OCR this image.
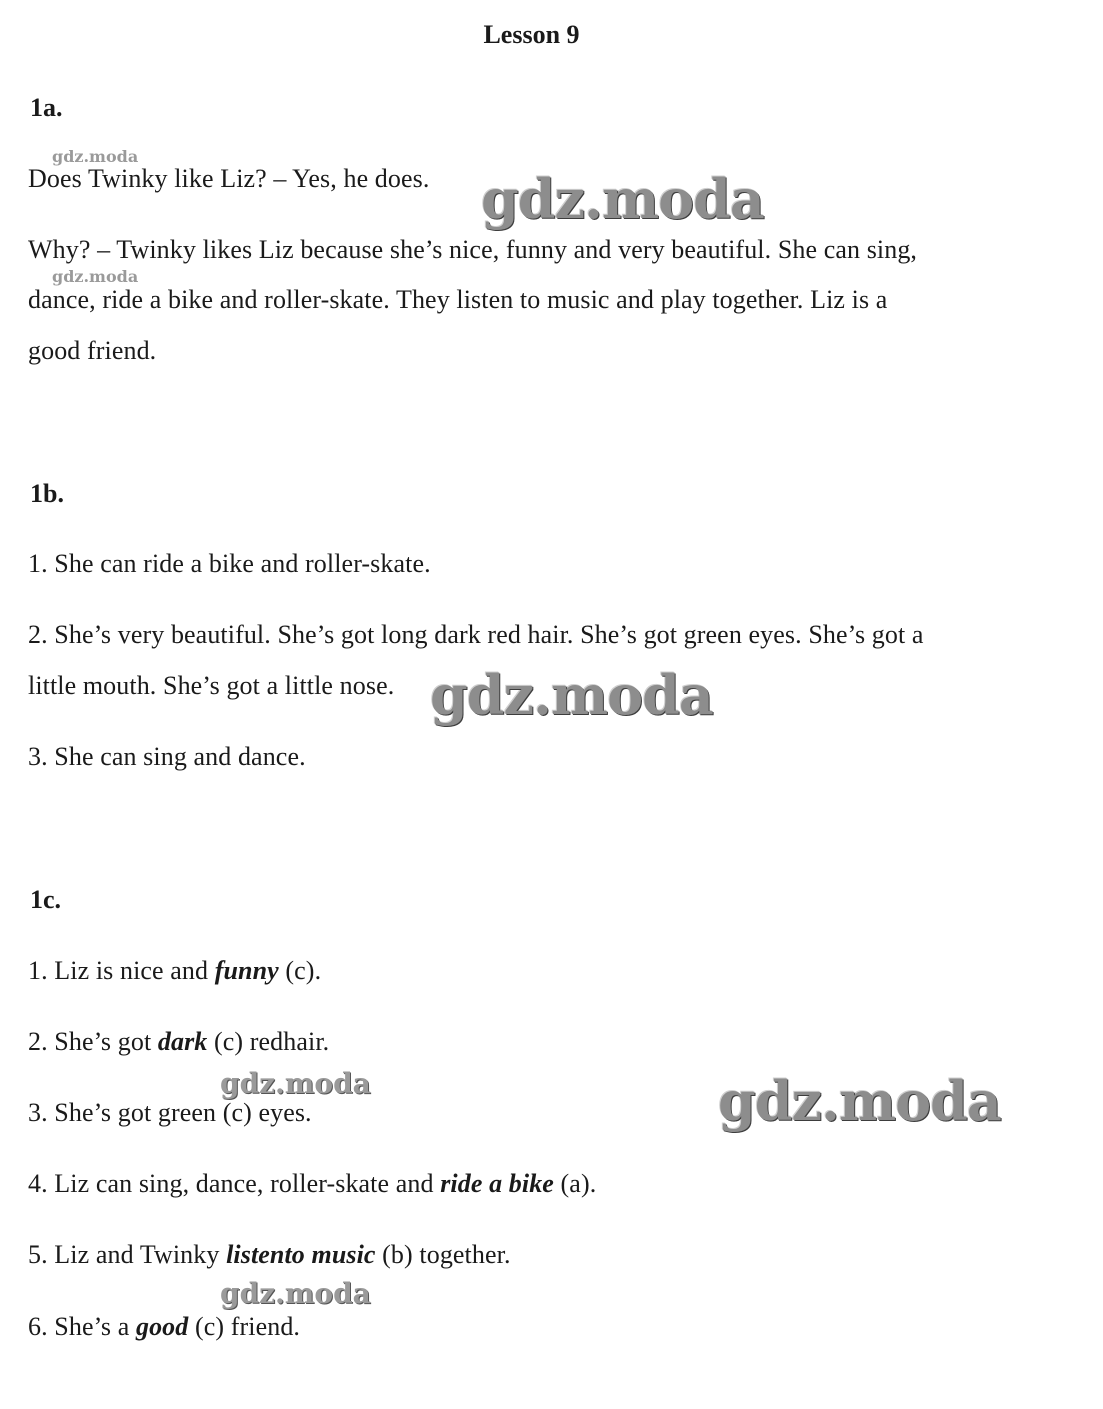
Lesson 9
1a.
Does Twinky like Liz? – Yes, he does.
Why? – Twinky likes Liz because she’s nice, funny and very beautiful. She can sing,
dance, ride a bike and roller-skate. They listen to music and play together. Liz is a
good friend.
1b.
1. She can ride a bike and roller-skate.
2. She’s very beautiful. She’s got long dark red hair. She’s got green eyes. She’s got a
little mouth. She’s got a little nose.
3. She can sing and dance.
1c.
1. Liz is nice and funny (c).
2. She’s got dark (c) redhair.
3. She’s got green (c) eyes.
4. Liz can sing, dance, roller-skate and ride a bike (a).
5. Liz and Twinky listento music (b) together.
6. She’s a good (c) friend.
gdz.moda
gdz.moda
gdz.moda
gdz.moda
gdz.moda	gdz.moda
gdz.moda
